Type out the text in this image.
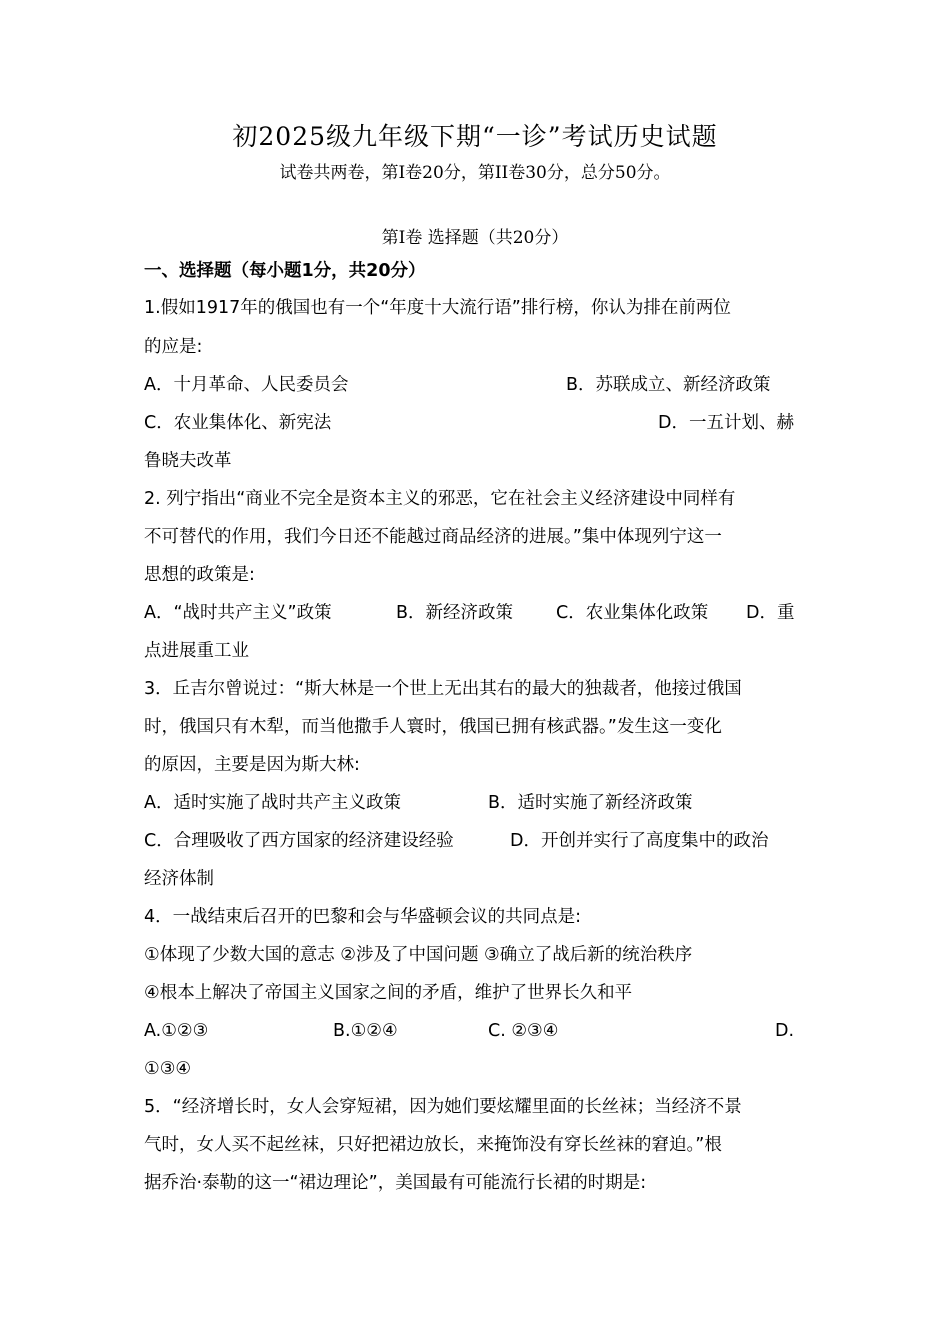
初2025级九年级下期“一诊”考试历史试题
试卷共两卷，第Ⅰ卷20分，第II卷30分，总分50分。
第Ⅰ卷 选择题（共20分）
一、选择题（每小题1分，共20分）
1.假如1917年的俄国也有一个“年度十大流行语”排行榜，你认为排在前两位
的应是:
A．十月革命、人民委员会	B．苏联成立、新经济政策
C．农业集体化、新宪法	D．一五计划、赫
鲁晓夫改革
2. 列宁指出“商业不完全是资本主义的邪恶，它在社会主义经济建设中同样有
不可替代的作用，我们今日还不能越过商品经济的进展。”集中体现列宁这一
思想的政策是:
A．“战时共产主义”政策	B．新经济政策 C．农业集体化政策 D．重
点进展重工业
3．丘吉尔曾说过：“斯大林是一个世上无出其右的最大的独裁者，他接过俄国
时，俄国只有木犁，而当他撒手人寰时，俄国已拥有核武器。”发生这一变化
的原因，主要是因为斯大林:
A．适时实施了战时共产主义政策	B．适时实施了新经济政策
C．合理吸收了西方国家的经济建设经验	D．开创并实行了高度集中的政治
经济体制
4．一战结束后召开的巴黎和会与华盛顿会议的共同点是:
①体现了少数大国的意志 ②涉及了中国问题 ③确立了战后新的统治秩序
④根本上解决了帝国主义国家之间的矛盾，维护了世界长久和平
A.①②③	B.①②④	C. ②③④	D.
①③④
5．“经济增长时，女人会穿短裙，因为她们要炫耀里面的长丝袜；当经济不景
气时，女人买不起丝袜，只好把裙边放长，来掩饰没有穿长丝袜的窘迫。”根
据乔治·泰勒的这一“裙边理论”，美国最有可能流行长裙的时期是:
